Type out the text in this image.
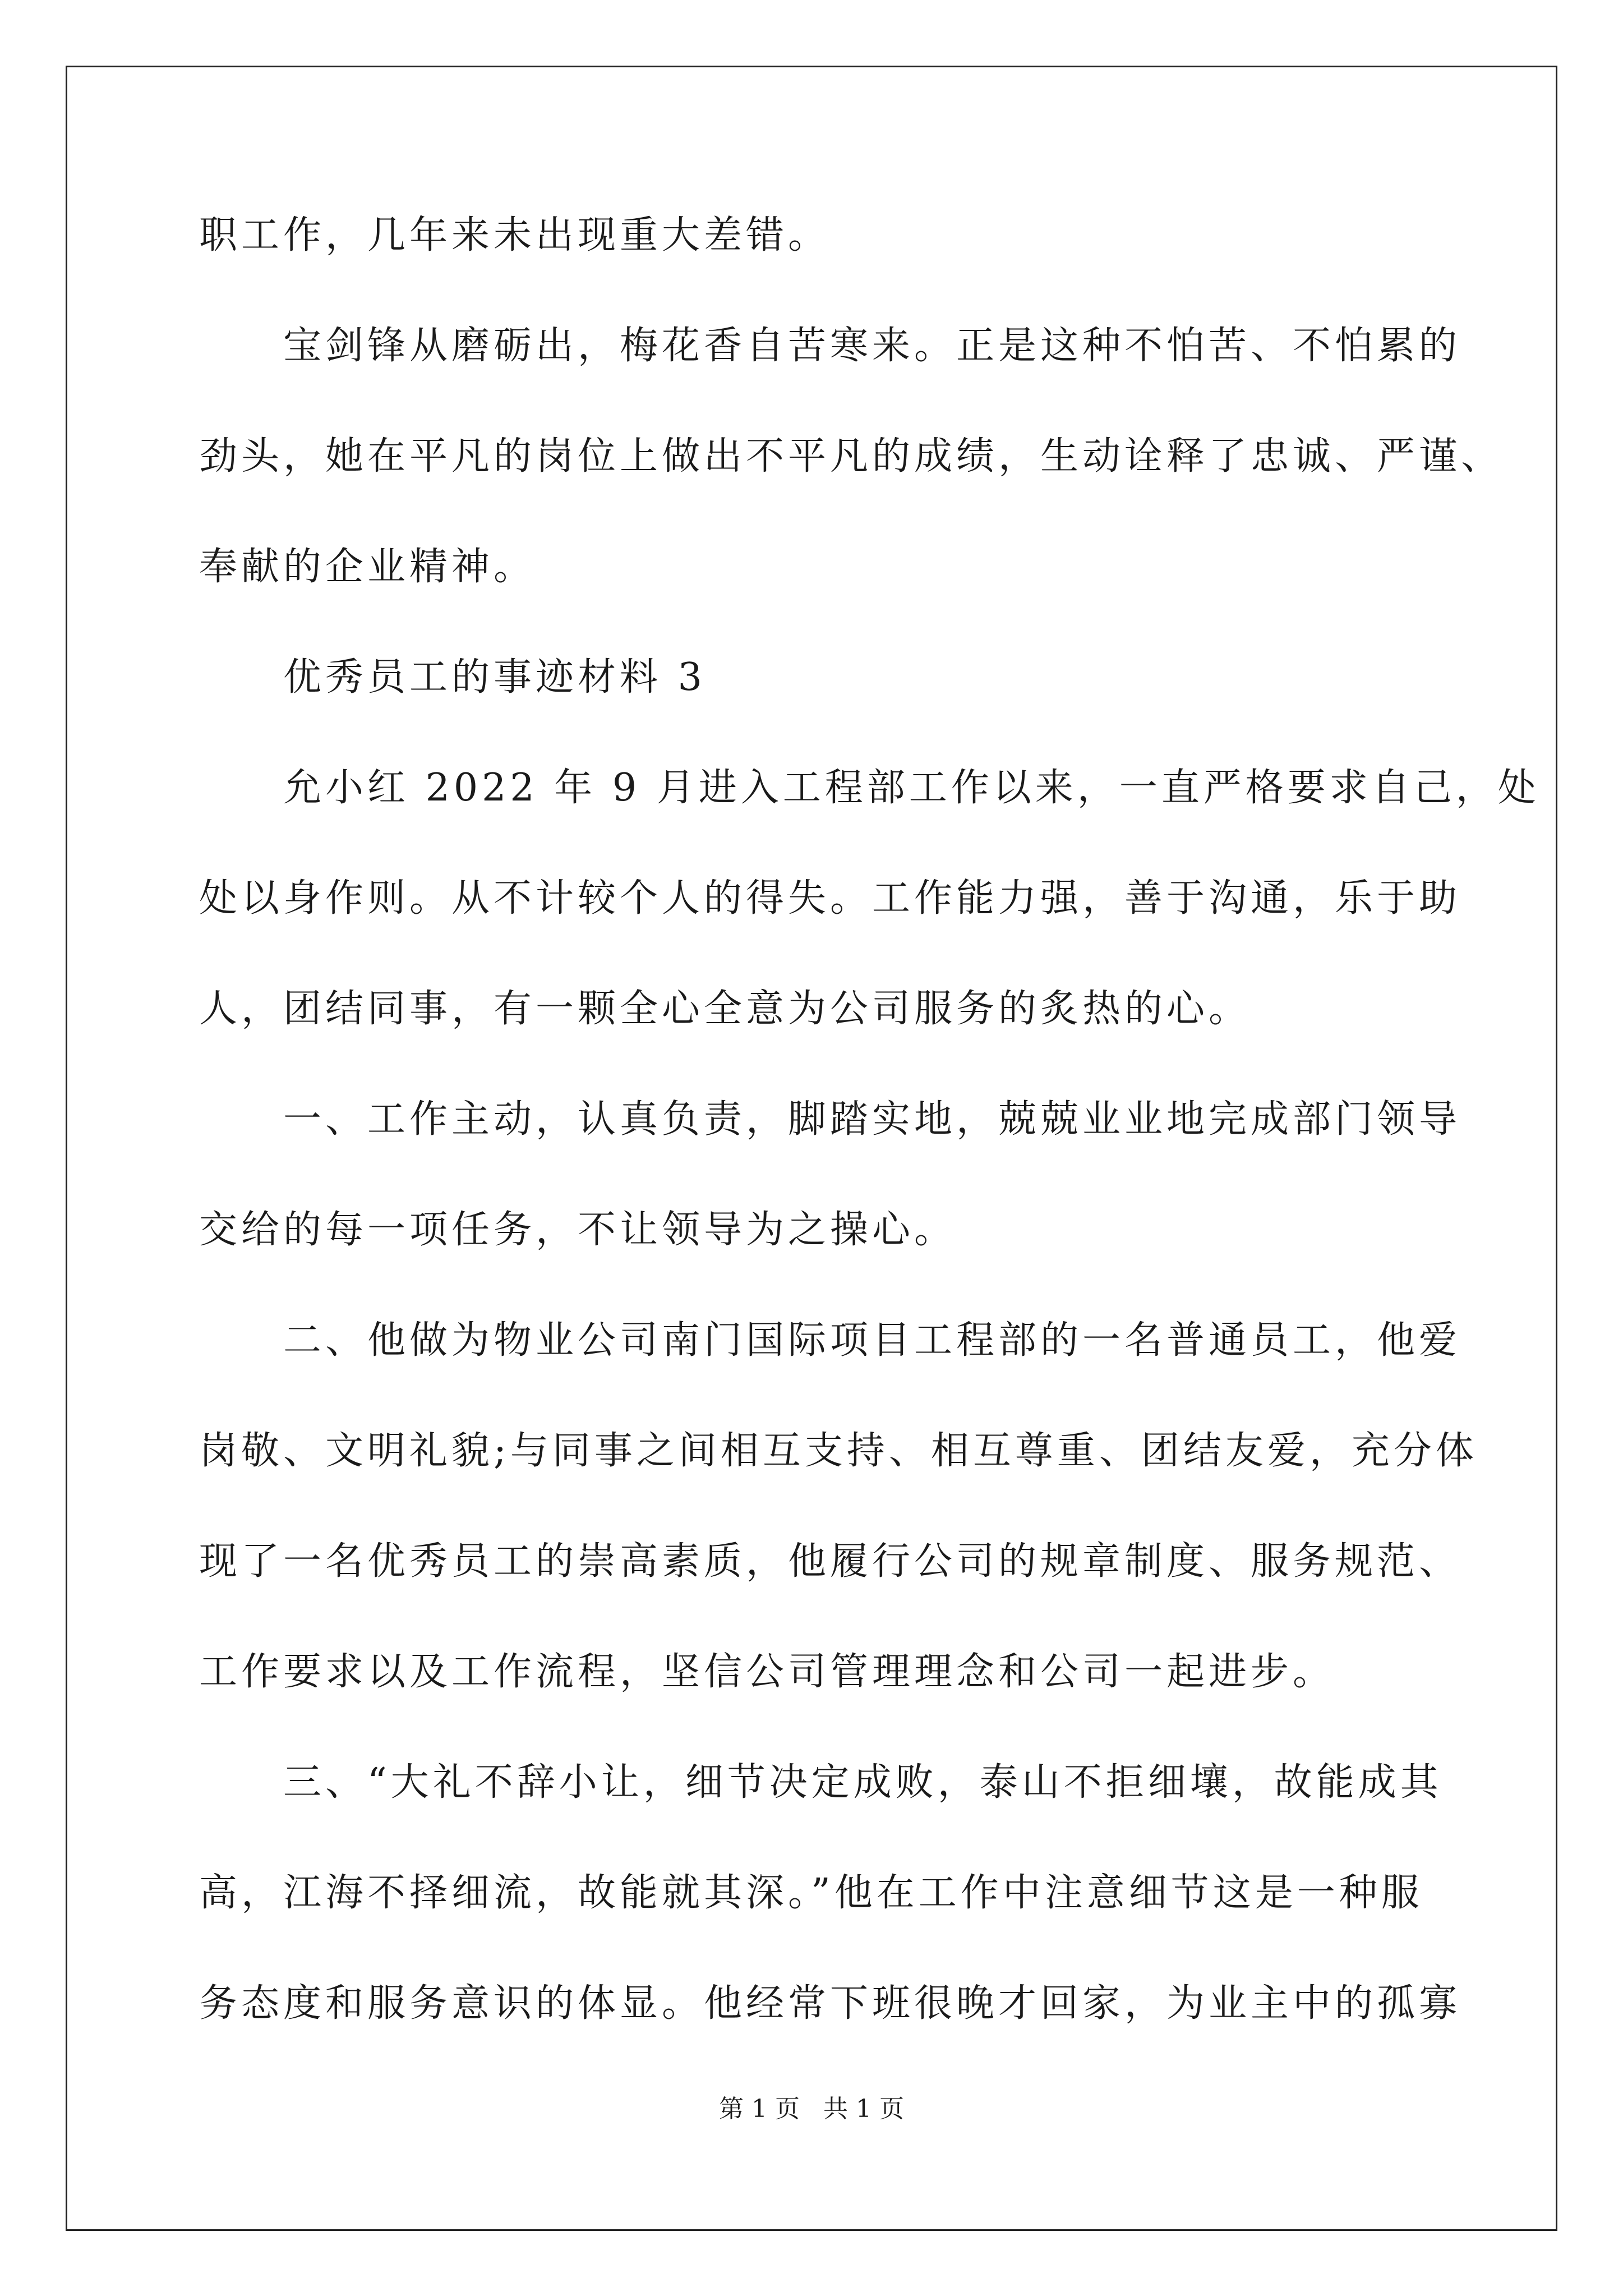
职工作，几年来未出现重大差错。
宝剑锋从磨砺出，梅花香自苦寒来。正是这种不怕苦、不怕累的
劲头，她在平凡的岗位上做出不平凡的成绩，生动诠释了忠诚、严谨、
奉献的企业精神。
优秀员工的事迹材料 3
允小红 2022 年 9 月进入工程部工作以来，一直严格要求自己，处
处以身作则。从不计较个人的得失。工作能力强，善于沟通，乐于助
人，团结同事，有一颗全心全意为公司服务的炙热的心。
一、工作主动，认真负责，脚踏实地，兢兢业业地完成部门领导
交给的每一项任务，不让领导为之操心。
二、他做为物业公司南门国际项目工程部的一名普通员工，他爱
岗敬、文明礼貌;与同事之间相互支持、相互尊重、团结友爱，充分体
现了一名优秀员工的崇高素质，他履行公司的规章制度、服务规范、
工作要求以及工作流程，坚信公司管理理念和公司一起进步。
三、“大礼不辞小让，细节决定成败，泰山不拒细壤，故能成其
高，江海不择细流，故能就其深。”他在工作中注意细节这是一种服
务态度和服务意识的体显。他经常下班很晚才回家，为业主中的孤寡
第 1 页   共 1 页
